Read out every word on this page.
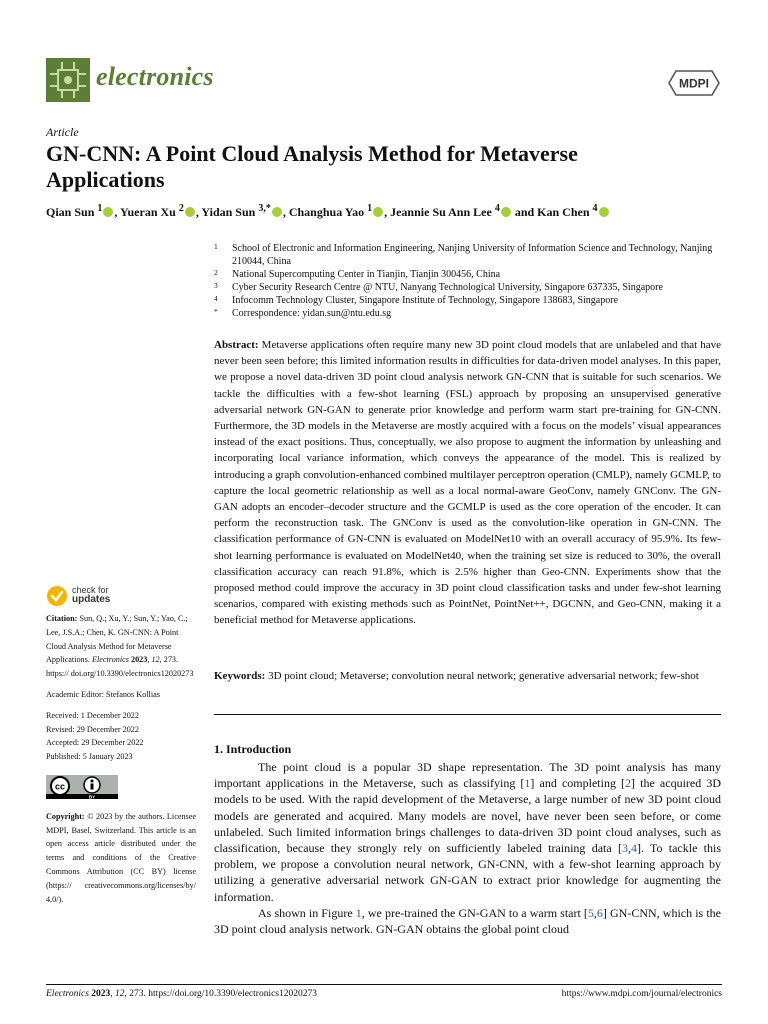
electronics	MDPI
Article
GN-CNN: A Point Cloud Analysis Method for Metaverse Applications
Qian Sun $^1$ , Yueran Xu $^2$ , Yidan Sun $^{3,*}$ , Changhua Yao $^1$ , Jeannie Su Ann Lee $^4$ and Kan Chen $^4$
1 School of Electronic and Information Engineering, Nanjing University of Information Science and Technology, Nanjing 210044, China
2 National Supercomputing Center in Tianjin, Tianjin 300456, China
3 Cyber Security Research Centre @ NTU, Nanyang Technological University, Singapore 637335, Singapore
4 Infocomm Technology Cluster, Singapore Institute of Technology, Singapore 138683, Singapore
* Correspondence: yidan.sun@ntu.edu.sg
Abstract: Metaverse applications often require many new 3D point cloud models that are unlabeled and that have never been seen before; this limited information results in difficulties for data-driven model analyses. In this paper, we propose a novel data-driven 3D point cloud analysis network GN-CNN that is suitable for such scenarios. We tackle the difficulties with a few-shot learning (FSL) approach by proposing an unsupervised generative adversarial network GN-GAN to generate prior knowledge and perform warm start pre-training for GN-CNN. Furthermore, the 3D models in the Metaverse are mostly acquired with a focus on the models’ visual appearances instead of the exact positions. Thus, conceptually, we also propose to augment the information by unleashing and incorporating local variance information, which conveys the appearance of the model. This is realized by introducing a graph convolution-enhanced combined multilayer perceptron operation (CMLP), namely GCMLP, to capture the local geometric relationship as well as a local normal-aware GeoConv, namely GNConv. The GN-GAN adopts an encoder–decoder structure and the GCMLP is used as the core operation of the encoder. It can perform the reconstruction task. The GNConv is used as the convolution-like operation in GN-CNN. The classification performance of GN-CNN is evaluated on ModelNet10 with an overall accuracy of 95.9%. Its few-shot learning performance is evaluated on ModelNet40, when the training set size is reduced to 30%, the overall classification accuracy can reach 91.8%, which is 2.5% higher than Geo-CNN. Experiments show that the proposed method could improve the accuracy in 3D point cloud classification tasks and under few-shot learning scenarios, compared with existing methods such as PointNet, PointNet++, DGCNN, and Geo-CNN, making it a beneficial method for Metaverse applications.
Keywords: 3D point cloud; Metaverse; convolution neural network; generative adversarial network; few-shot
check for
updates

Citation: Sun, Q.; Xu, Y.; Sun, Y.; Yao, C.; Lee, J.S.A.; Chen, K. GN-CNN: A Point Cloud Analysis Method for Metaverse Applications. Electronics 2023, 12, 273. https:// doi.org/10.3390/electronics12020273

Academic Editor: Stefanos Kollias

Received: 1 December 2022

Revised: 29 December 2022

Accepted: 29 December 2022

Published: 5 January 2023

cc
BY

Copyright: © 2023 by the authors. Licensee MDPI, Basel, Switzerland. This article is an open access article distributed under the terms and conditions of the Creative Commons Attribution (CC BY) license (https:// creativecommons.org/licenses/by/ 4.0/).

1. Introduction

The point cloud is a popular 3D shape representation. The 3D point analysis has many important applications in the Metaverse, such as classifying [1] and completing [2] the acquired 3D models to be used. With the rapid development of the Metaverse, a large number of new 3D point cloud models are generated and acquired. Many models are novel, have never been seen before, or come unlabeled. Such limited information brings challenges to data-driven 3D point cloud analyses, such as classification, because they strongly rely on sufficiently labeled training data [3,4]. To tackle this problem, we propose a convolution neural network, GN-CNN, with a few-shot learning approach by utilizing a generative adversarial network GN-GAN to extract prior knowledge for augmenting the information.

As shown in Figure 1, we pre-trained the GN-GAN to a warm start [5,6] GN-CNN, which is the 3D point cloud analysis network. GN-GAN obtains the global point cloud

Electronics 2023, 12, 273. https://doi.org/10.3390/electronics12020273	https://www.mdpi.com/journal/electronics
